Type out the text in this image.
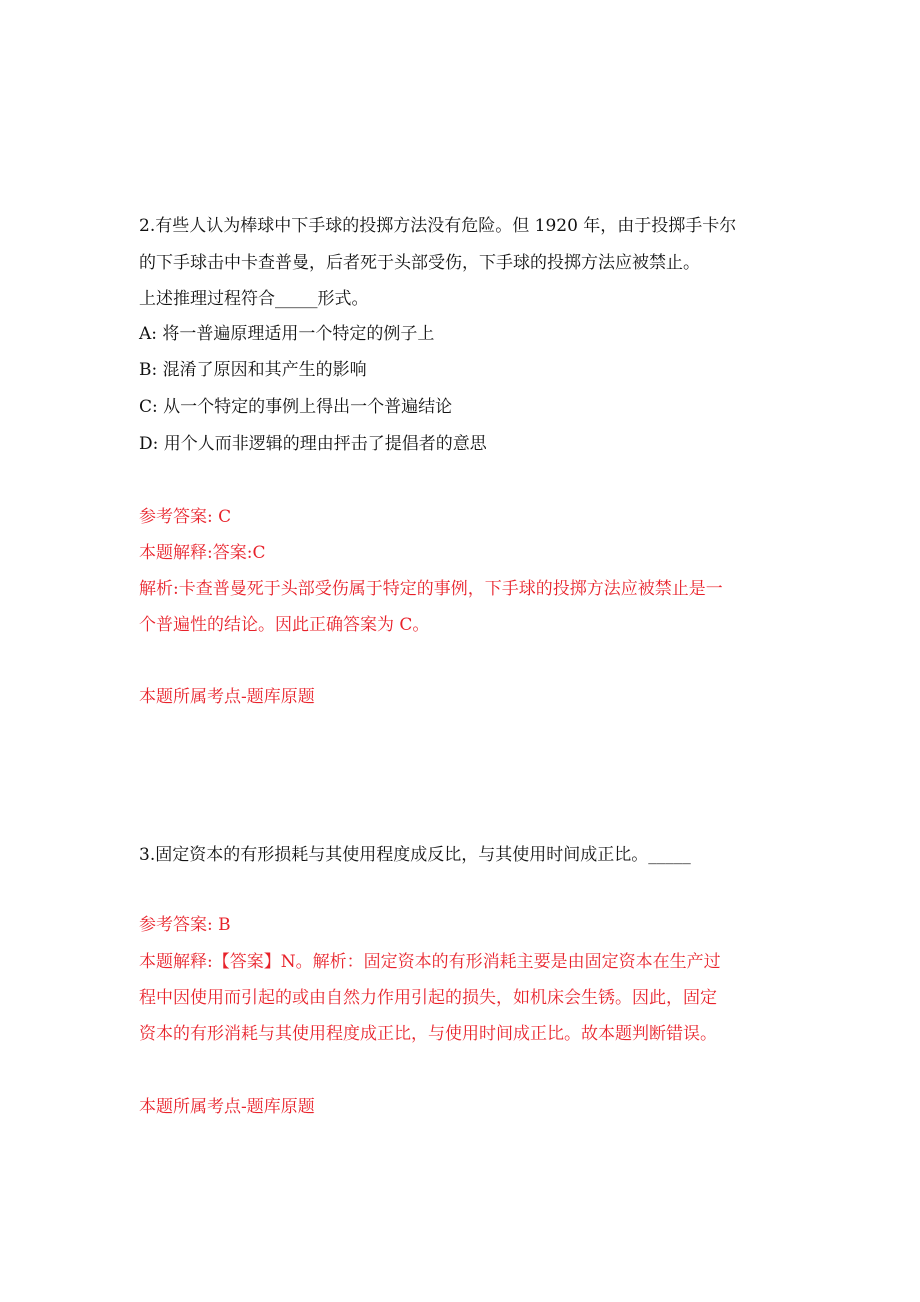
2.有些人认为棒球中下手球的投掷方法没有危险。但 1920 年，由于投掷手卡尔
的下手球击中卡查普曼，后者死于头部受伤，下手球的投掷方法应被禁止。
上述推理过程符合_____形式。
A: 将一普遍原理适用一个特定的例子上
B: 混淆了原因和其产生的影响
C: 从一个特定的事例上得出一个普遍结论
D: 用个人而非逻辑的理由抨击了提倡者的意思
参考答案: C
本题解释:答案:C
解析:卡查普曼死于头部受伤属于特定的事例，下手球的投掷方法应被禁止是一
个普遍性的结论。因此正确答案为 C。
本题所属考点-题库原题
3.固定资本的有形损耗与其使用程度成反比，与其使用时间成正比。_____
参考答案: B
本题解释:【答案】N。解析：固定资本的有形消耗主要是由固定资本在生产过
程中因使用而引起的或由自然力作用引起的损失，如机床会生锈。因此，固定
资本的有形消耗与其使用程度成正比，与使用时间成正比。故本题判断错误。
本题所属考点-题库原题
